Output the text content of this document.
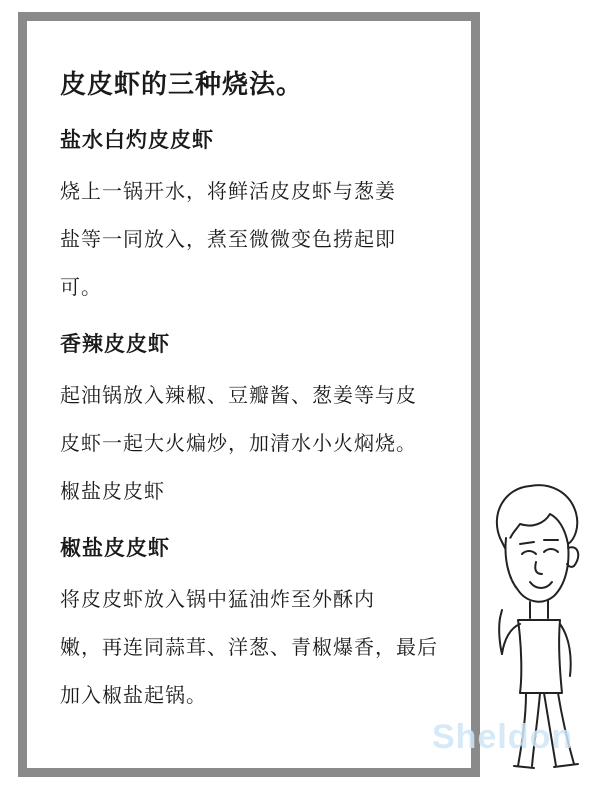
皮皮虾的三种烧法。
盐水白灼皮皮虾

烧上一锅开水，将鲜活皮皮虾与葱姜

盐等一同放入，煮至微微变色捞起即

可。

香辣皮皮虾

起油锅放入辣椒、豆瓣酱、葱姜等与皮

皮虾一起大火煸炒，加清水小火焖烧。

椒盐皮皮虾

椒盐皮皮虾

将皮皮虾放入锅中猛油炸至外酥内

嫩，再连同蒜茸、洋葱、青椒爆香，最后

加入椒盐起锅。

Sheldon
